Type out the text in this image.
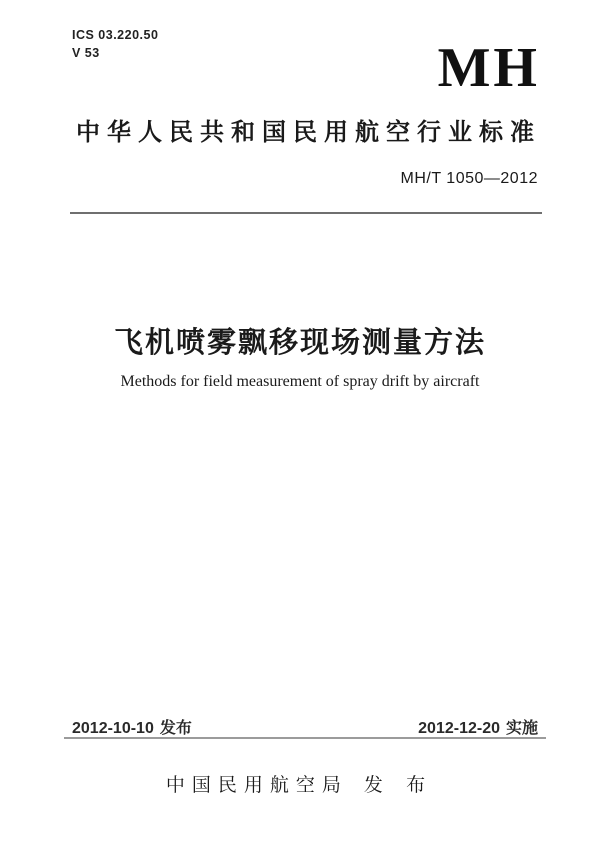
ICS 03.220.50
V 53	MH
中华人民共和国民用航空行业标准
MH/T 1050—2012
飞机喷雾飘移现场测量方法
Methods for field measurement of spray drift by aircraft
2012-10-10 发布	2012-12-20 实施
中国民用航空局 发 布
